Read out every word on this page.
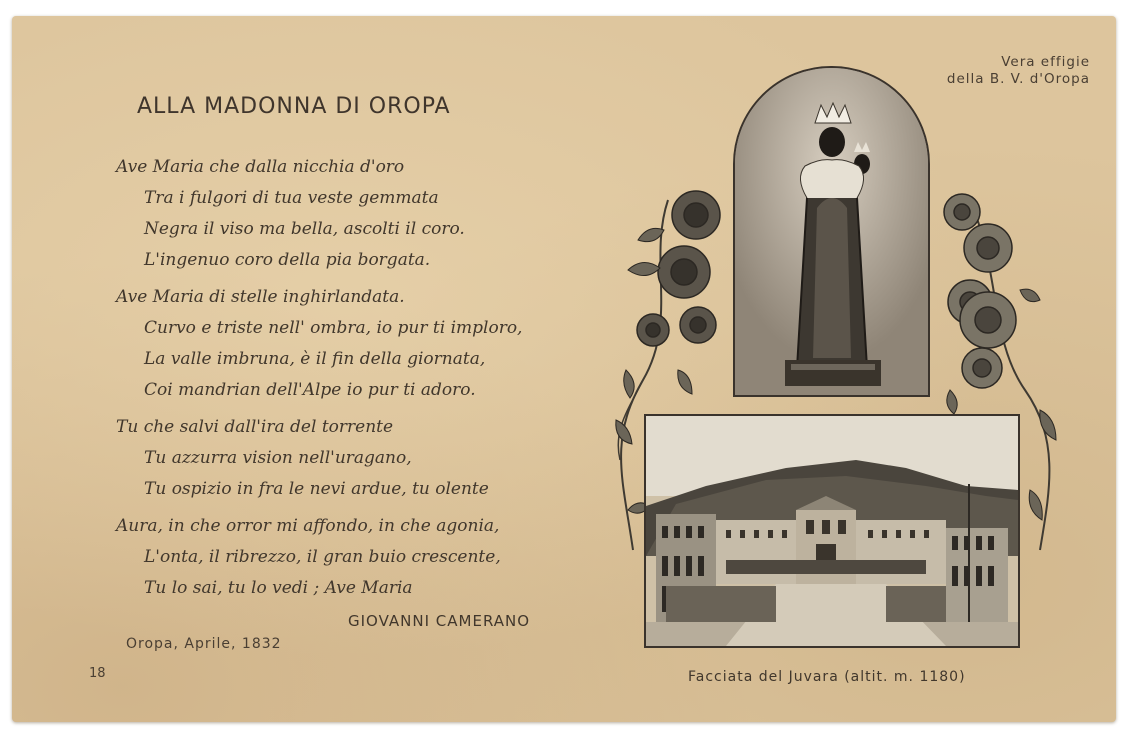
ALLA MADONNA DI OROPA
Ave Maria che dalla nicchia d'oro
Tra i fulgori di tua veste gemmata
Negra il viso ma bella, ascolti il coro.
L'ingenuo coro della pia borgata.
Ave Maria di stelle inghirlandata.
Curvo e triste nell' ombra, io pur ti imploro,
La valle imbruna, è il fin della giornata,
Coi mandrian dell'Alpe io pur ti adoro.
Tu che salvi dall'ira del torrente
Tu azzurra vision nell'uragano,
Tu ospizio in fra le nevi ardue, tu olente
Aura, in che orror mi affondo, in che agonia,
L'onta, il ribrezzo, il gran buio crescente,
Tu lo sai, tu lo vedi ; Ave Maria
GIOVANNI CAMERANO
Oropa, Aprile, 1832
18
Vera effigie
della B. V. d'Oropa
Facciata del Juvara (altit. m. 1180)
